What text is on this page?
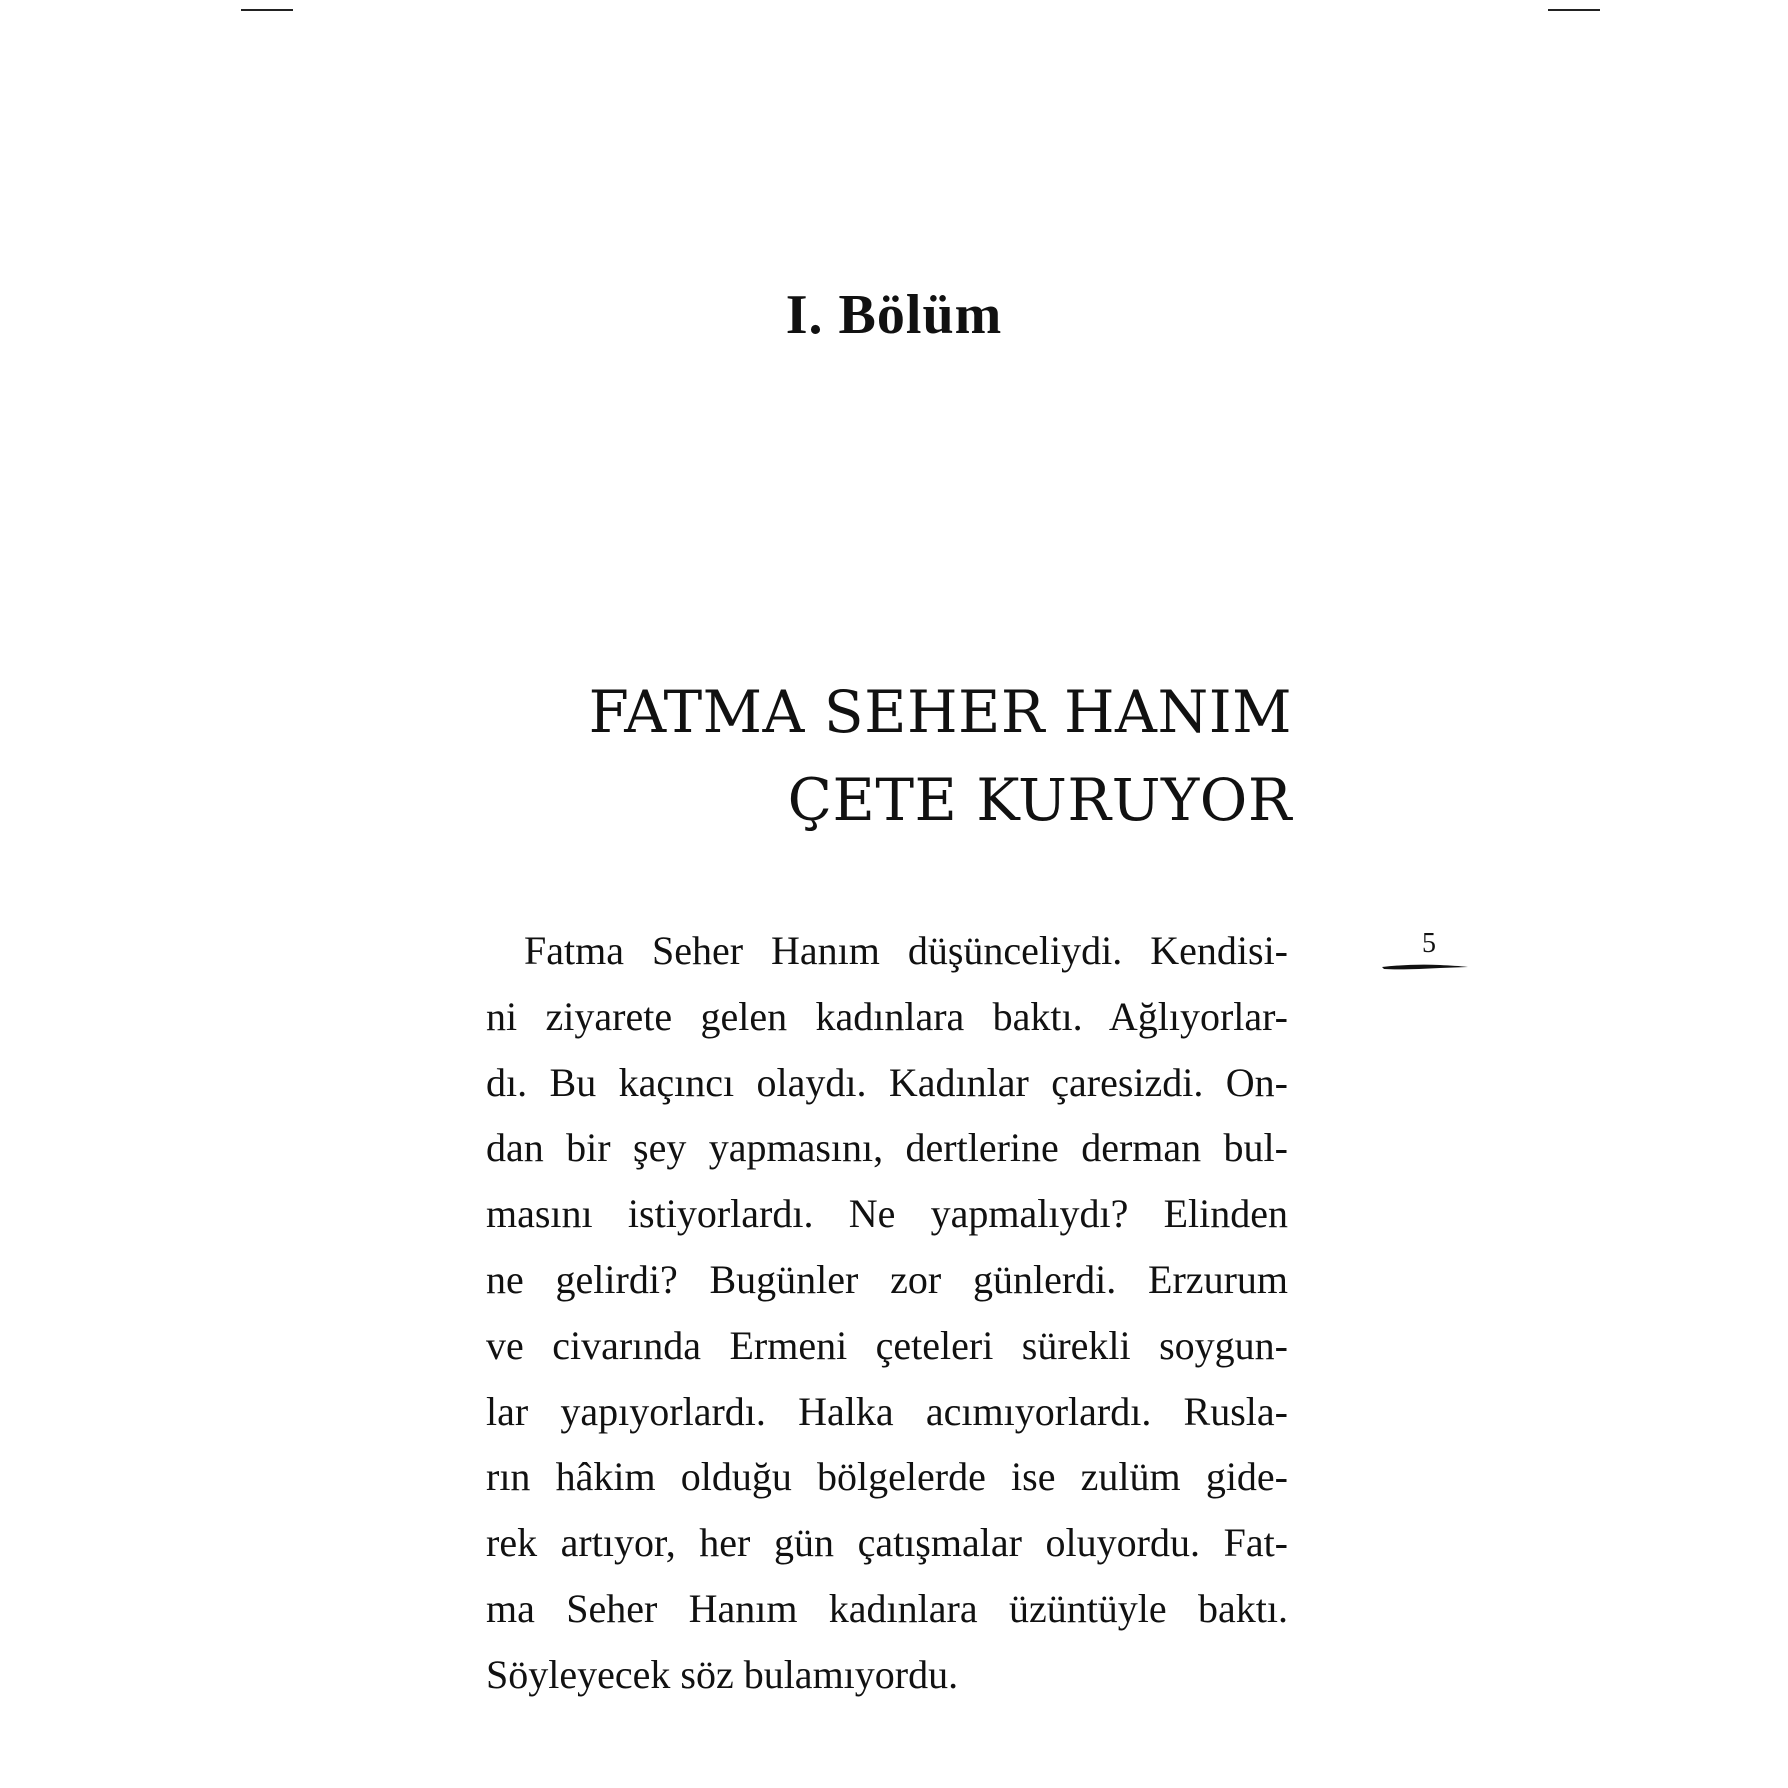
I. Bölüm
FATMA SEHER HANIM
ÇETE KURUYOR
5
Fatma Seher Hanım düşünceliydi. Kendisi-
ni ziyarete gelen kadınlara baktı. Ağlıyorlar-
dı. Bu kaçıncı olaydı. Kadınlar çaresizdi. On-
dan bir şey yapmasını, dertlerine derman bul-
masını istiyorlardı. Ne yapmalıydı? Elinden
ne gelirdi? Bugünler zor günlerdi. Erzurum
ve civarında Ermeni çeteleri sürekli soygun-
lar yapıyorlardı. Halka acımıyorlardı. Rusla-
rın hâkim olduğu bölgelerde ise zulüm gide-
rek artıyor, her gün çatışmalar oluyordu. Fat-
ma Seher Hanım kadınlara üzüntüyle baktı.
Söyleyecek söz bulamıyordu.
